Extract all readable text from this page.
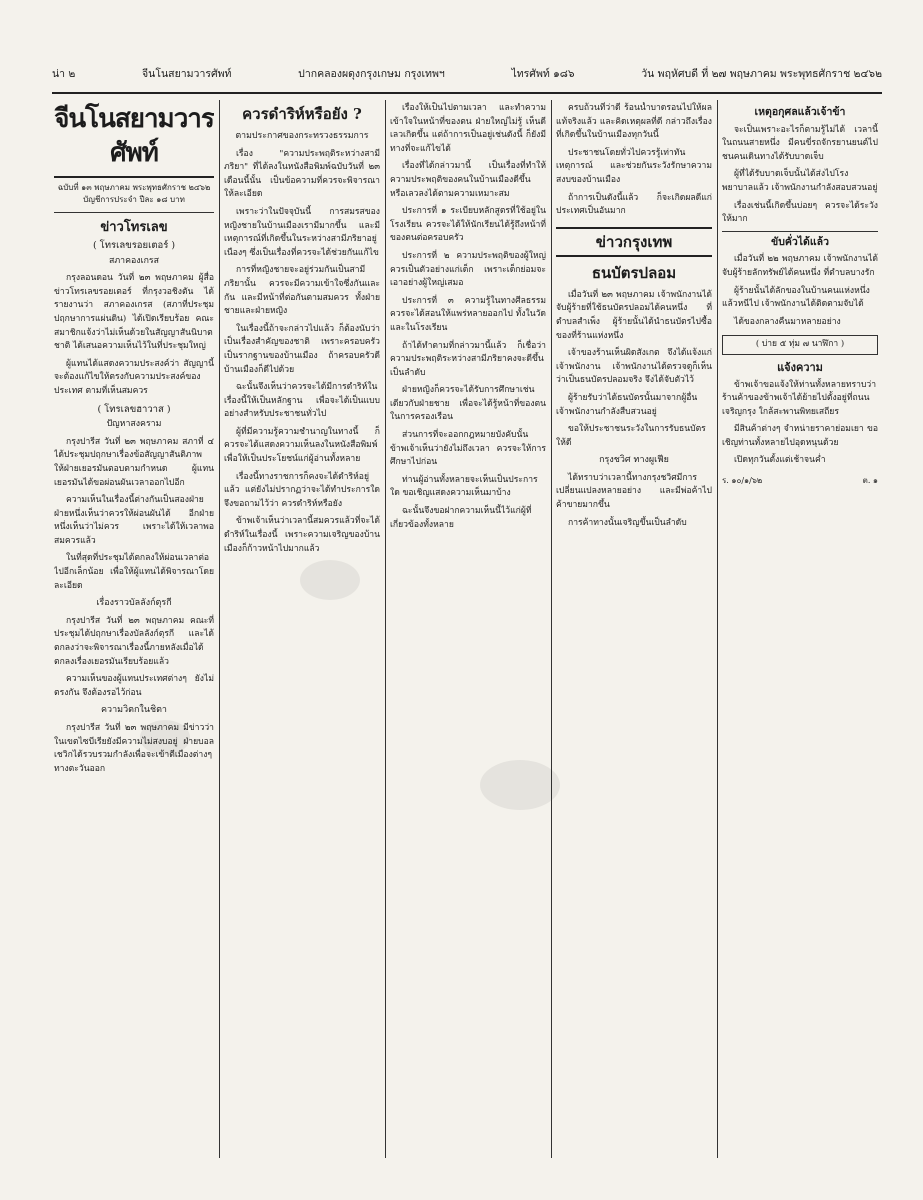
น่า ๒	จีนโนสยามวารศัพท์	ปากคลองผดุงกรุงเกษม กรุงเทพฯ	ไทรศัพท์ ๑๘๖	วัน พฤหัศบดี ที่ ๒๗ พฤษภาคม พระพุทธศักราช ๒๔๖๒
จีนโนสยามวารศัพท์
ฉบับที่ ๑๓ พฤษภาคม พระพุทธศักราช ๒๔๖๒ บัญชีการประจำ ปีละ ๑๘ บาท
ข่าวโทรเลข
( โทรเลขรอยเตอร์ )
สภาคองเกรส

กรุงลอนดอน วันที่ ๒๓ พฤษภาคม ผู้สื่อข่าวโทรเลขรอยเตอร์ ที่กรุงวอชิงตัน ได้รายงานว่า สภาคองเกรส (สภาที่ประชุมปฤกษาการแผ่นดิน) ได้เปิดเรียบร้อย คณะสมาชิกแจ้งว่าไม่เห็นด้วยในสัญญาสันนิบาตชาติ ได้เสนอความเห็นไว้ในที่ประชุมใหญ่

ผู้แทนได้แสดงความประสงค์ว่า สัญญานี้จะต้องแก้ไขให้ตรงกับความประสงค์ของประเทศ ตามที่เห็นสมควร

( โทรเลขฮาวาส )
ปัญหาสงคราม

กรุงปารีส วันที่ ๒๓ พฤษภาคม สภาที่ ๔ ได้ประชุมปฤกษาเรื่องข้อสัญญาสันติภาพ ให้ฝ่ายเยอรมันตอบตามกำหนด ผู้แทนเยอรมันได้ขอผ่อนผันเวลาออกไปอีก

ความเห็นในเรื่องนี้ต่างกันเป็นสองฝ่าย ฝ่ายหนึ่งเห็นว่าควรให้ผ่อนผันได้ อีกฝ่ายหนึ่งเห็นว่าไม่ควร เพราะได้ให้เวลาพอสมควรแล้ว

ในที่สุดที่ประชุมได้ตกลงให้ผ่อนเวลาต่อไปอีกเล็กน้อย เพื่อให้ผู้แทนได้พิจารณาโดยละเอียด

เรื่องราวบัลลังก์ตุรกี

กรุงปารีส วันที่ ๒๓ พฤษภาคม คณะที่ประชุมได้ปฤกษาเรื่องบัลลังก์ตุรกี และได้ตกลงว่าจะพิจารณาเรื่องนี้ภายหลังเมื่อได้ตกลงเรื่องเยอรมันเรียบร้อยแล้ว

ความเห็นของผู้แทนประเทศต่างๆ ยังไม่ตรงกัน จึงต้องรอไว้ก่อน

ความวิตกในชิตา

กรุงปารีส วันที่ ๒๓ พฤษภาคม มีข่าวว่าในเขตไซบีเรียยังมีความไม่สงบอยู่ ฝ่ายบอลเชวิกได้รวบรวมกำลังเพื่อจะเข้าตีเมืองต่างๆ ทางตะวันออก

ควรดำริห์หรือยัง ?
ตามประกาศของกระทรวงธรรมการ

เรื่อง "ความประพฤติระหว่างสามีภริยา" ที่ได้ลงในหนังสือพิมพ์ฉบับวันที่ ๒๓ เดือนนี้นั้น เป็นข้อความที่ควรจะพิจารณาให้ละเอียด

เพราะว่าในปัจจุบันนี้ การสมรสของหญิงชายในบ้านเมืองเรามีมากขึ้น และมีเหตุการณ์ที่เกิดขึ้นในระหว่างสามีภริยาอยู่เนืองๆ ซึ่งเป็นเรื่องที่ควรจะได้ช่วยกันแก้ไข

การที่หญิงชายจะอยู่ร่วมกันเป็นสามีภริยานั้น ควรจะมีความเข้าใจซึ่งกันและกัน และมีหน้าที่ต่อกันตามสมควร ทั้งฝ่ายชายและฝ่ายหญิง

ในเรื่องนี้ถ้าจะกล่าวไปแล้ว ก็ต้องนับว่าเป็นเรื่องสำคัญของชาติ เพราะครอบครัวเป็นรากฐานของบ้านเมือง ถ้าครอบครัวดีบ้านเมืองก็ดีไปด้วย

ฉะนั้นจึงเห็นว่าควรจะได้มีการดำริห์ในเรื่องนี้ให้เป็นหลักฐาน เพื่อจะได้เป็นแบบอย่างสำหรับประชาชนทั่วไป

ผู้ที่มีความรู้ความชำนาญในทางนี้ ก็ควรจะได้แสดงความเห็นลงในหนังสือพิมพ์ เพื่อให้เป็นประโยชน์แก่ผู้อ่านทั้งหลาย

เรื่องนี้ทางราชการก็คงจะได้ดำริห์อยู่แล้ว แต่ยังไม่ปรากฏว่าจะได้ทำประการใด จึงขอถามไว้ว่า ควรดำริห์หรือยัง

ข้าพเจ้าเห็นว่าเวลานี้สมควรแล้วที่จะได้ดำริห์ในเรื่องนี้ เพราะความเจริญของบ้านเมืองก็ก้าวหน้าไปมากแล้ว

เรื่องให้เป็นไปตามเวลา และทำความเข้าใจในหน้าที่ของตน ฝ่ายใหญ่ไม่รู้ เห็นดีเลวเกิดขึ้น แต่ถ้าการเป็นอยู่เช่นดังนี้ ก็ยังมีทางที่จะแก้ไขได้

เรื่องที่ได้กล่าวมานี้ เป็นเรื่องที่ทำให้ความประพฤติของคนในบ้านเมืองดีขึ้น หรือเลวลงได้ตามความเหมาะสม

ประการที่ ๑ ระเบียบหลักสูตรที่ใช้อยู่ในโรงเรียน ควรจะได้ให้นักเรียนได้รู้ถึงหน้าที่ของตนต่อครอบครัว

ประการที่ ๒ ความประพฤติของผู้ใหญ่ควรเป็นตัวอย่างแก่เด็ก เพราะเด็กย่อมจะเอาอย่างผู้ใหญ่เสมอ

ประการที่ ๓ ความรู้ในทางศีลธรรม ควรจะได้สอนให้แพร่หลายออกไป ทั้งในวัดและในโรงเรียน

ถ้าได้ทำตามที่กล่าวมานี้แล้ว ก็เชื่อว่าความประพฤติระหว่างสามีภริยาคงจะดีขึ้นเป็นลำดับ

ฝ่ายหญิงก็ควรจะได้รับการศึกษาเช่นเดียวกับฝ่ายชาย เพื่อจะได้รู้หน้าที่ของตนในการครองเรือน

ส่วนการที่จะออกกฎหมายบังคับนั้น ข้าพเจ้าเห็นว่ายังไม่ถึงเวลา ควรจะให้การศึกษาไปก่อน

ท่านผู้อ่านทั้งหลายจะเห็นเป็นประการใด ขอเชิญแสดงความเห็นมาบ้าง

ฉะนั้นจึงขอฝากความเห็นนี้ไว้แก่ผู้ที่เกี่ยวข้องทั้งหลาย

ครบถ้วนที่ว่าดี ร้อนน้ำบาดรอนไปให้ผลแท้จริงแล้ว และคิดเหตุผลที่ดี กล่าวถึงเรื่องที่เกิดขึ้นในบ้านเมืองทุกวันนี้

ประชาชนโดยทั่วไปควรรู้เท่าทันเหตุการณ์ และช่วยกันระวังรักษาความสงบของบ้านเมือง

ถ้าการเป็นดังนี้แล้ว ก็จะเกิดผลดีแก่ประเทศเป็นอันมาก

ข่าวกรุงเทพ
ธนบัตรปลอม

เมื่อวันที่ ๒๓ พฤษภาคม เจ้าพนักงานได้จับผู้ร้ายที่ใช้ธนบัตรปลอมได้คนหนึ่ง ที่ตำบลสำเพ็ง ผู้ร้ายนั้นได้นำธนบัตรไปซื้อของที่ร้านแห่งหนึ่ง

เจ้าของร้านเห็นผิดสังเกต จึงได้แจ้งแก่เจ้าพนักงาน เจ้าพนักงานได้ตรวจดูก็เห็นว่าเป็นธนบัตรปลอมจริง จึงได้จับตัวไว้

ผู้ร้ายรับว่าได้ธนบัตรนั้นมาจากผู้อื่น เจ้าพนักงานกำลังสืบสวนอยู่

ขอให้ประชาชนระวังในการรับธนบัตรให้ดี

กรุงชวิศ ทางผูเฟีย

ได้ทราบว่าเวลานี้ทางกรุงชวิศมีการเปลี่ยนแปลงหลายอย่าง และมีพ่อค้าไปค้าขายมากขึ้น

การค้าทางนั้นเจริญขึ้นเป็นลำดับ

เหตุอกุศลแล้วเจ้าข้า

จะเป็นเพราะอะไรก็ตามรู้ไม่ได้ เวลานี้ในถนนสายหนึ่ง มีคนขี่รถจักรยานยนต์ไปชนคนเดินทางได้รับบาดเจ็บ

ผู้ที่ได้รับบาดเจ็บนั้นได้ส่งไปโรงพยาบาลแล้ว เจ้าพนักงานกำลังสอบสวนอยู่

เรื่องเช่นนี้เกิดขึ้นบ่อยๆ ควรจะได้ระวังให้มาก

ขับคั่วได้แล้ว

เมื่อวันที่ ๒๒ พฤษภาคม เจ้าพนักงานได้จับผู้ร้ายลักทรัพย์ได้คนหนึ่ง ที่ตำบลบางรัก

ผู้ร้ายนั้นได้ลักของในบ้านคนแห่งหนึ่ง แล้วหนีไป เจ้าพนักงานได้ติดตามจับได้

ได้ของกลางคืนมาหลายอย่าง

( บ่าย ๕ ทุ่ม ๗ นาฬิกา )
แจ้งความ

ข้าพเจ้าขอแจ้งให้ท่านทั้งหลายทราบว่า ร้านค้าของข้าพเจ้าได้ย้ายไปตั้งอยู่ที่ถนนเจริญกรุง ใกล้สะพานพิทยเสถียร

มีสินค้าต่างๆ จำหน่ายราคาย่อมเยา ขอเชิญท่านทั้งหลายไปอุดหนุนด้วย

เปิดทุกวันตั้งแต่เช้าจนค่ำ

ร. ๑๐/๑/๖๒	ต. ๑
